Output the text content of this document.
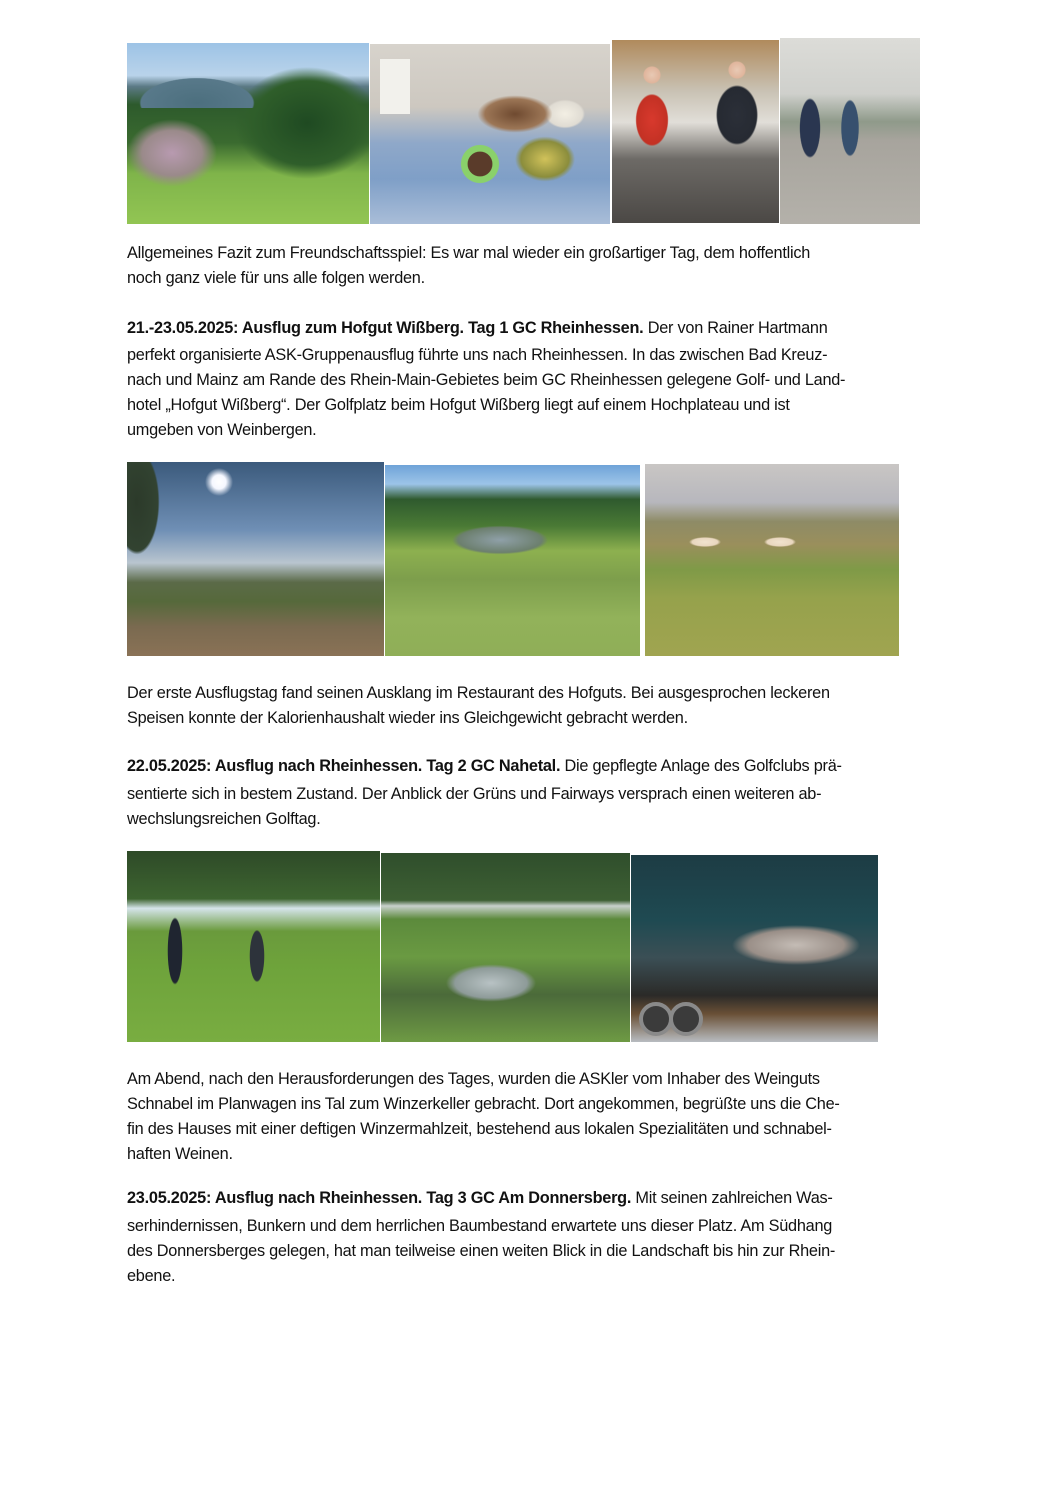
Allgemeines Fazit zum Freundschaftsspiel: Es war mal wieder ein großartiger Tag, dem hoffentlich
noch ganz viele für uns alle folgen werden.

21.-23.05.2025: Ausflug zum Hofgut Wißberg. Tag 1 GC Rheinhessen. Der von Rainer Hartmann
perfekt organisierte ASK-Gruppenausflug führte uns nach Rheinhessen. In das zwischen Bad Kreuz-
nach und Mainz am Rande des Rhein-Main-Gebietes beim GC Rheinhessen gelegene Golf- und Land-
hotel „Hofgut Wißberg“. Der Golfplatz beim Hofgut Wißberg liegt auf einem Hochplateau und ist
umgeben von Weinbergen.

Der erste Ausflugstag fand seinen Ausklang im Restaurant des Hofguts. Bei ausgesprochen leckeren
Speisen konnte der Kalorienhaushalt wieder ins Gleichgewicht gebracht werden.

22.05.2025: Ausflug nach Rheinhessen. Tag 2 GC Nahetal. Die gepflegte Anlage des Golfclubs prä-
sentierte sich in bestem Zustand. Der Anblick der Grüns und Fairways versprach einen weiteren ab-
wechslungsreichen Golftag.

Am Abend, nach den Herausforderungen des Tages, wurden die ASKler vom Inhaber des Weinguts
Schnabel im Planwagen ins Tal zum Winzerkeller gebracht. Dort angekommen, begrüßte uns die Che-
fin des Hauses mit einer deftigen Winzermahlzeit, bestehend aus lokalen Spezialitäten und schnabel-
haften Weinen.

23.05.2025: Ausflug nach Rheinhessen. Tag 3 GC Am Donnersberg. Mit seinen zahlreichen Was-
serhindernissen, Bunkern und dem herrlichen Baumbestand erwartete uns dieser Platz. Am Südhang
des Donnersberges gelegen, hat man teilweise einen weiten Blick in die Landschaft bis hin zur Rhein-
ebene.
